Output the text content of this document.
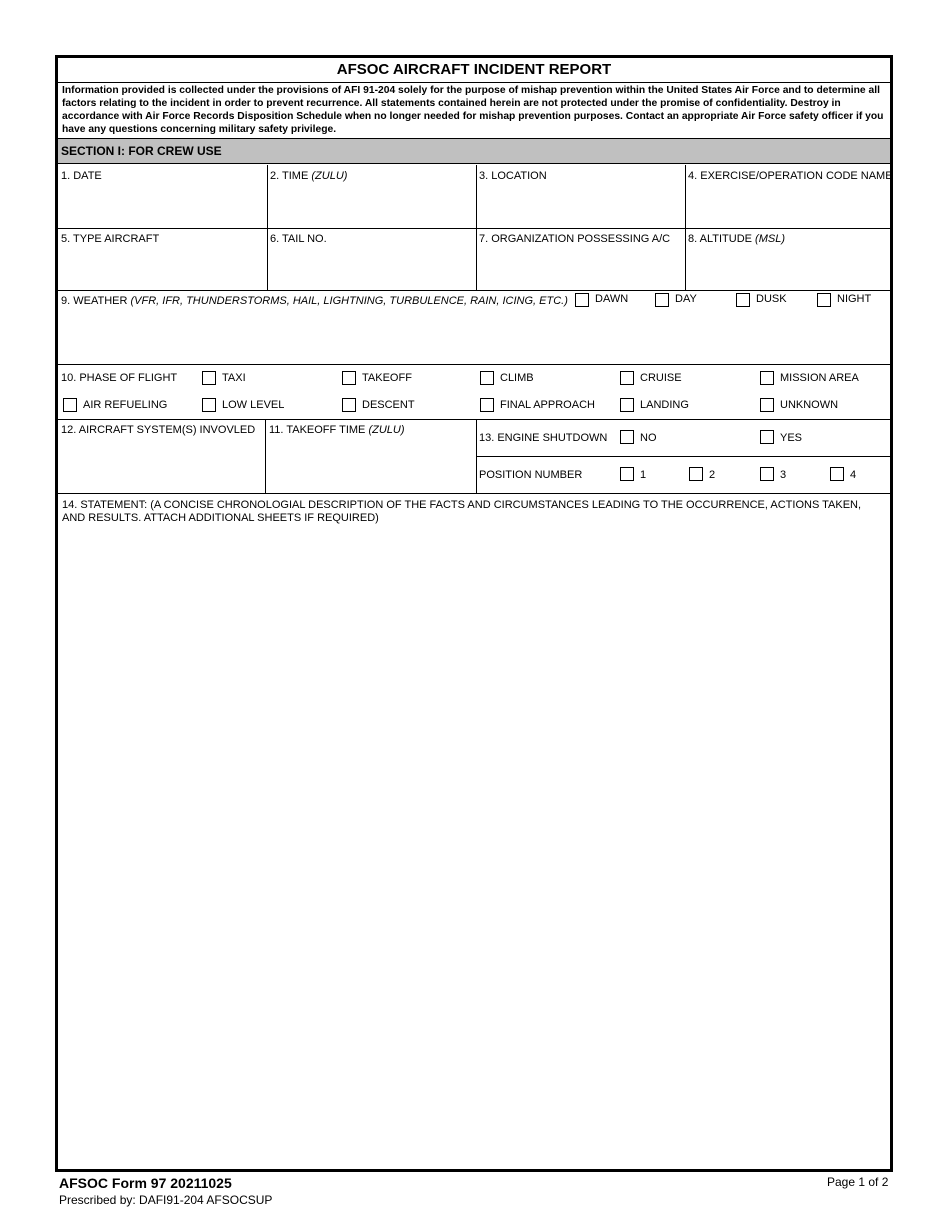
AFSOC AIRCRAFT INCIDENT REPORT
Information provided is collected under the provisions of AFI 91-204 solely for the purpose of mishap prevention within the United States Air Force and to determine all factors relating to the incident in order to prevent recurrence. All statements contained herein are not protected under the promise of confidentiality. Destroy in accordance with Air Force Records Disposition Schedule when no longer needed for mishap prevention purposes. Contact an appropriate Air Force safety officer if you have any questions concerning military safety privilege.
SECTION I: FOR CREW USE
1. DATE	2. TIME (ZULU)	3. LOCATION	4. EXERCISE/OPERATION CODE NAME
5. TYPE AIRCRAFT	6. TAIL NO.	7. ORGANIZATION POSSESSING A/C 8. ALTITUDE (MSL)
9. WEATHER (VFR, IFR, THUNDERSTORMS, HAIL, LIGHTNING, TURBULENCE, RAIN, ICING, ETC.) DAWN	DAY	DUSK	NIGHT
10. PHASE OF FLIGHT	TAXI	TAKEOFF	CLIMB	CRUISE	MISSION AREA
AIR REFUELING	LOW LEVEL	DESCENT	FINAL APPROACH	LANDING	UNKNOWN
12. AIRCRAFT SYSTEM(S) INVOVLED 11. TAKEOFF TIME (ZULU)
13. ENGINE SHUTDOWN	NO	YES
POSITION NUMBER	1	2	3	4
14. STATEMENT: (A CONCISE CHRONOLOGIAL DESCRIPTION OF THE FACTS AND CIRCUMSTANCES LEADING TO THE OCCURRENCE, ACTIONS TAKEN, AND RESULTS. ATTACH ADDITIONAL SHEETS IF REQUIRED)
AFSOC Form 97 20211025
Prescribed by: DAFI91-204 AFSOCSUP
Page 1 of 2
